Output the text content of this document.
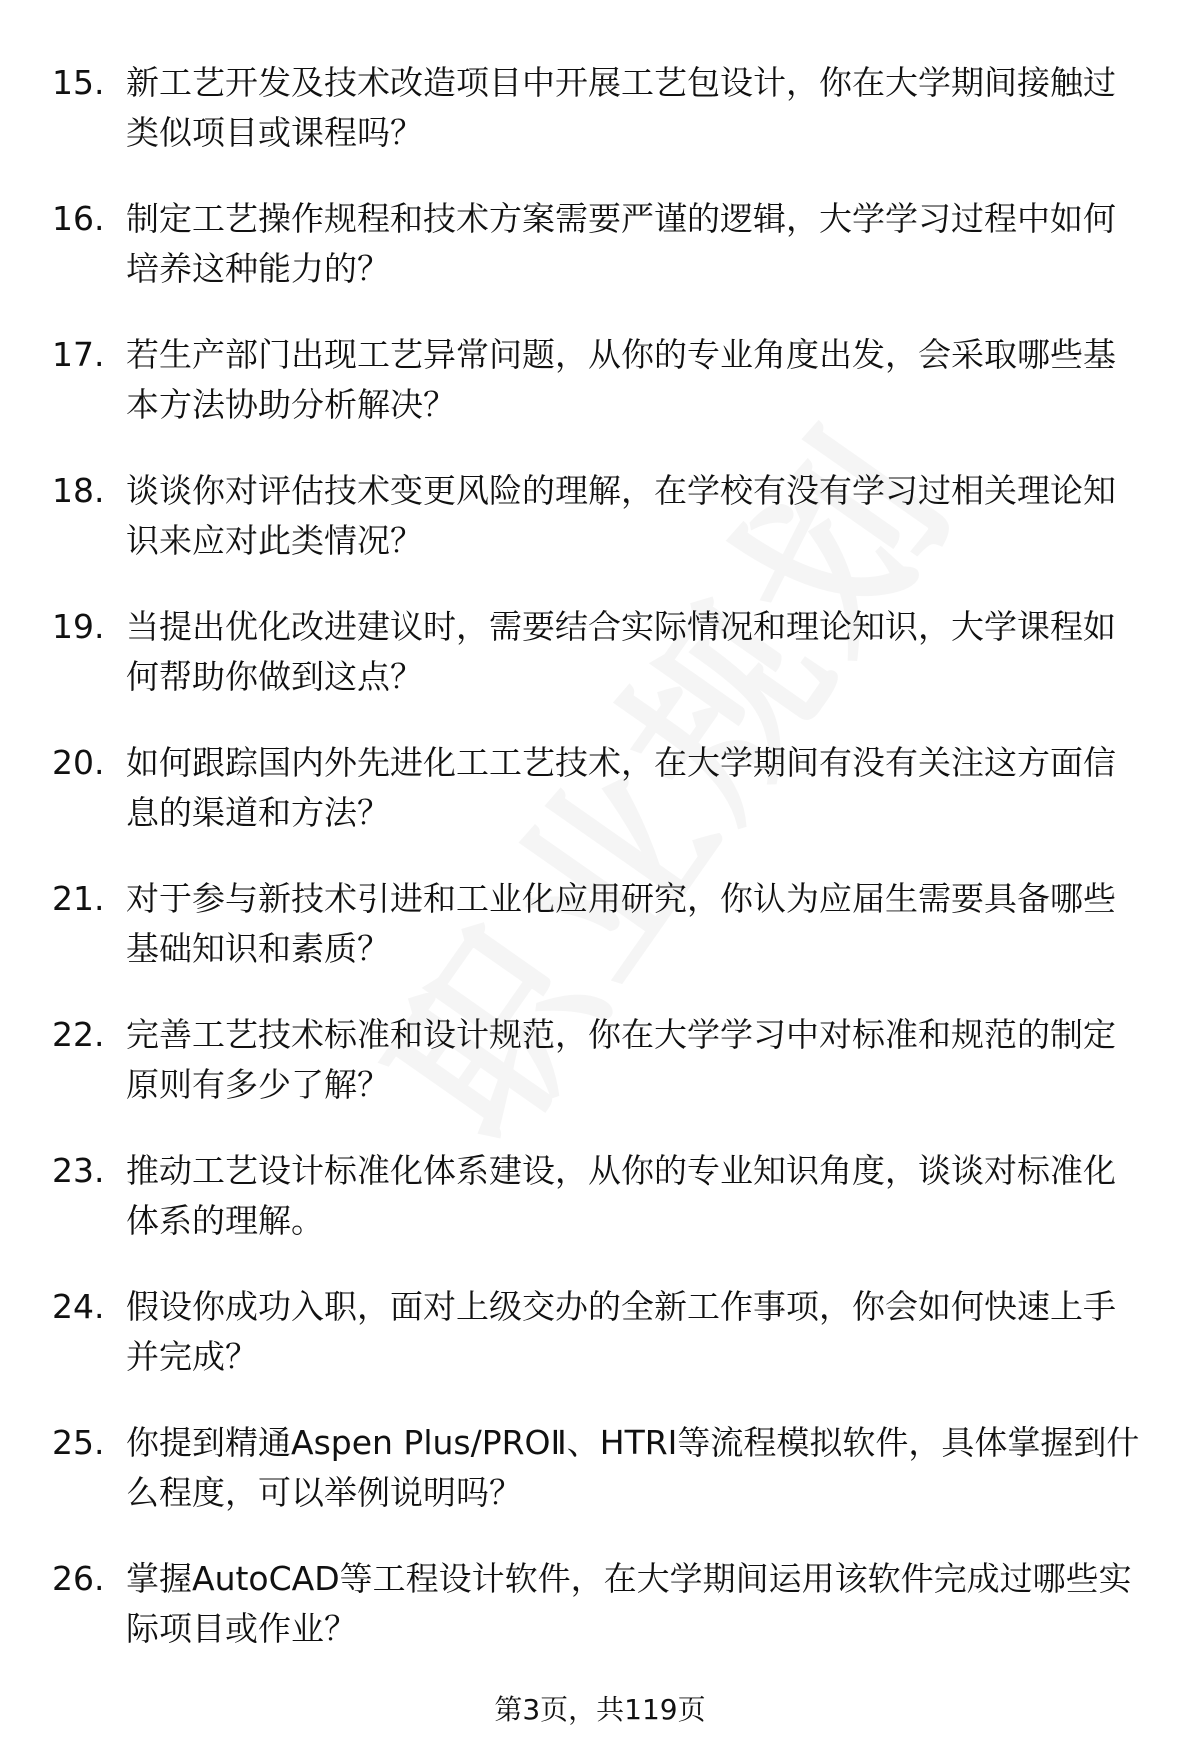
15. 新工艺开发及技术改造项目中开展工艺包设计，你在大学期间接触过类似项目或课程吗？
16. 制定工艺操作规程和技术方案需要严谨的逻辑，大学学习过程中如何培养这种能力的？
17. 若生产部门出现工艺异常问题，从你的专业角度出发，会采取哪些基本方法协助分析解决？
18. 谈谈你对评估技术变更风险的理解，在学校有没有学习过相关理论知识来应对此类情况？
19. 当提出优化改进建议时，需要结合实际情况和理论知识，大学课程如何帮助你做到这点？
20. 如何跟踪国内外先进化工工艺技术，在大学期间有没有关注这方面信息的渠道和方法？
21. 对于参与新技术引进和工业化应用研究，你认为应届生需要具备哪些基础知识和素质？
22. 完善工艺技术标准和设计规范，你在大学学习中对标准和规范的制定原则有多少了解？
23. 推动工艺设计标准化体系建设，从你的专业知识角度，谈谈对标准化体系的理解。
24. 假设你成功入职，面对上级交办的全新工作事项，你会如何快速上手并完成？
25. 你提到精通Aspen Plus/PROⅡ、HTRI等流程模拟软件，具体掌握到什么程度，可以举例说明吗？
26. 掌握AutoCAD等工程设计软件，在大学期间运用该软件完成过哪些实际项目或作业？
第3页，共119页
